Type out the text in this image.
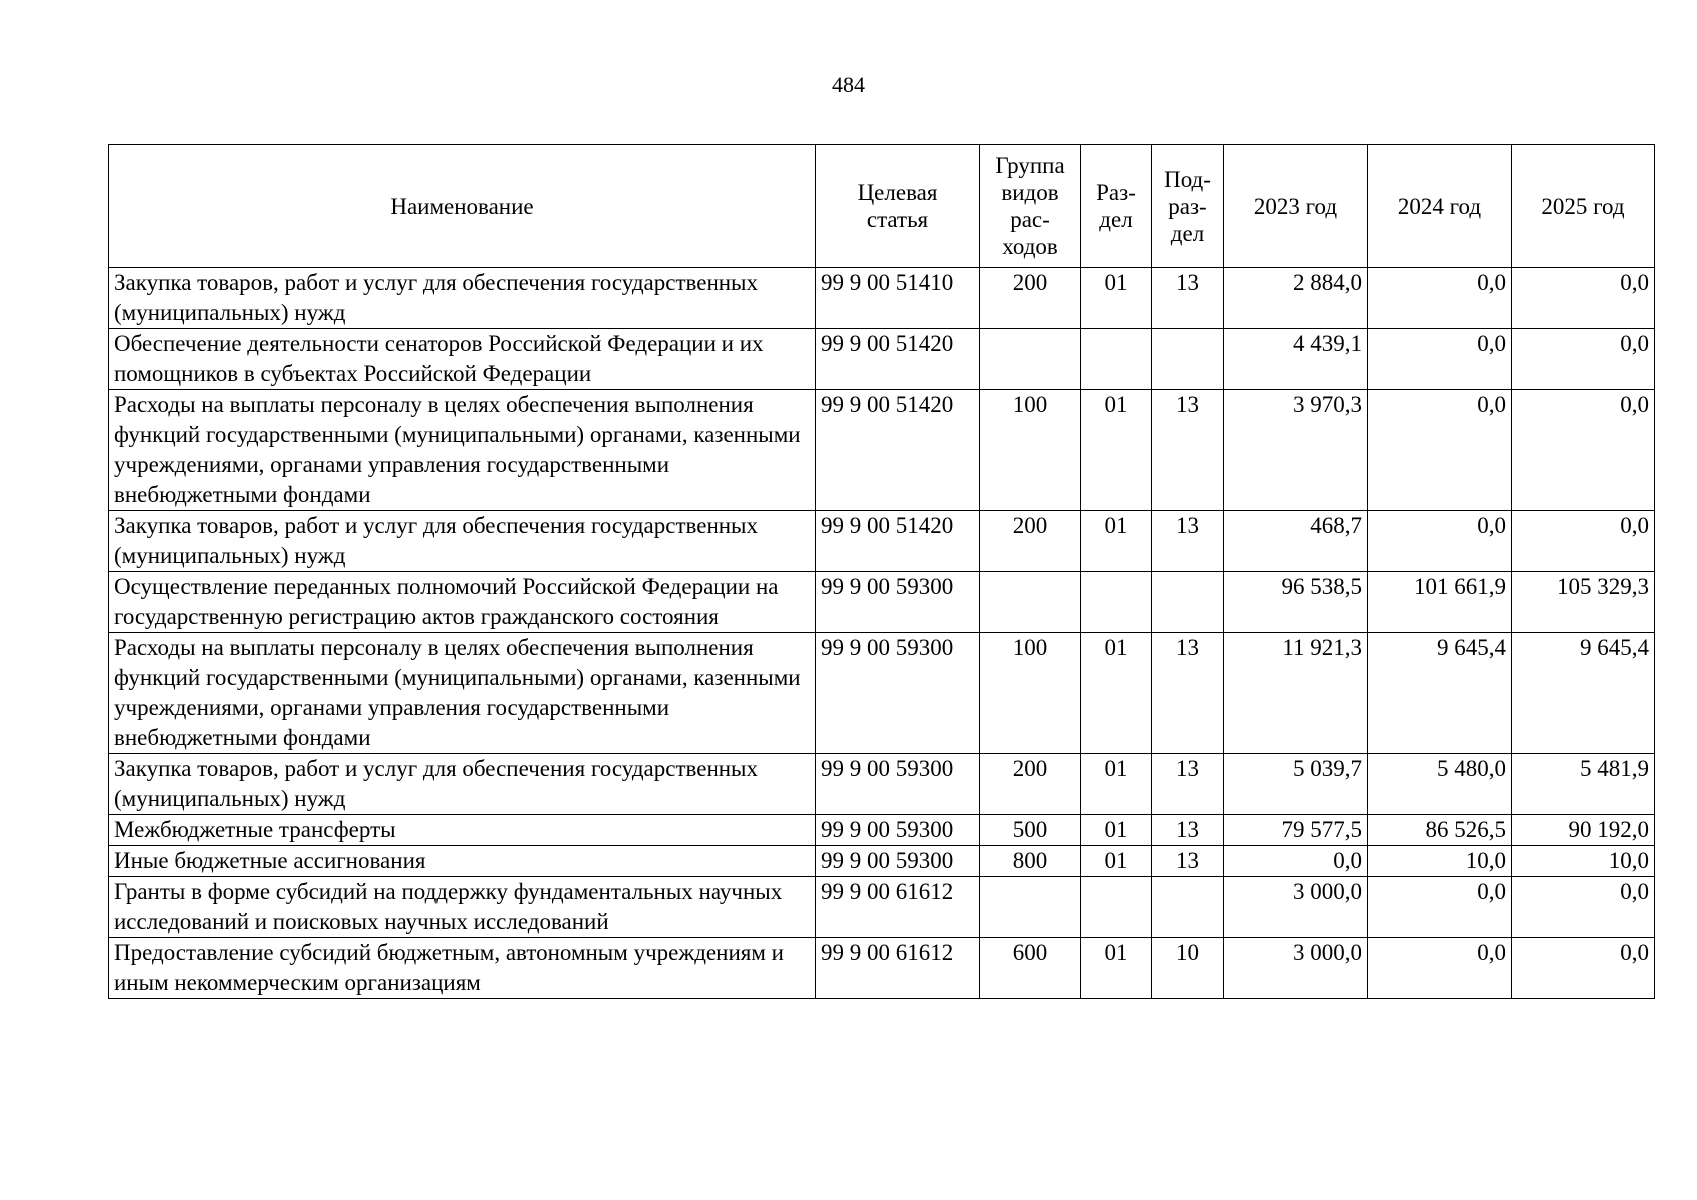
484
Наименование	Целевая статья	Группа видов рас-ходов	Раз-дел	Под-раз-дел	2023 год	2024 год	2025 год
Закупка товаров, работ и услуг для обеспечения государственных (муниципальных) нужд	99 9 00 51410	200	01	13	2 884,0	0,0	0,0
Обеспечение деятельности сенаторов Российской Федерации и их помощников в субъектах Российской Федерации	99 9 00 51420				4 439,1	0,0	0,0
Расходы на выплаты персоналу в целях обеспечения выполнения функций государственными (муниципальными) органами, казенными учреждениями, органами управления государственными внебюджетными фондами	99 9 00 51420	100	01	13	3 970,3	0,0	0,0
Закупка товаров, работ и услуг для обеспечения государственных (муниципальных) нужд	99 9 00 51420	200	01	13	468,7	0,0	0,0
Осуществление переданных полномочий Российской Федерации на государственную регистрацию актов гражданского состояния	99 9 00 59300				96 538,5	101 661,9	105 329,3
Расходы на выплаты персоналу в целях обеспечения выполнения функций государственными (муниципальными) органами, казенными учреждениями, органами управления государственными внебюджетными фондами	99 9 00 59300	100	01	13	11 921,3	9 645,4	9 645,4
Закупка товаров, работ и услуг для обеспечения государственных (муниципальных) нужд	99 9 00 59300	200	01	13	5 039,7	5 480,0	5 481,9
Межбюджетные трансферты	99 9 00 59300	500	01	13	79 577,5	86 526,5	90 192,0
Иные бюджетные ассигнования	99 9 00 59300	800	01	13	0,0	10,0	10,0
Гранты в форме субсидий на поддержку фундаментальных научных исследований и поисковых научных исследований	99 9 00 61612				3 000,0	0,0	0,0
Предоставление субсидий бюджетным, автономным учреждениям и иным некоммерческим организациям	99 9 00 61612	600	01	10	3 000,0	0,0	0,0
